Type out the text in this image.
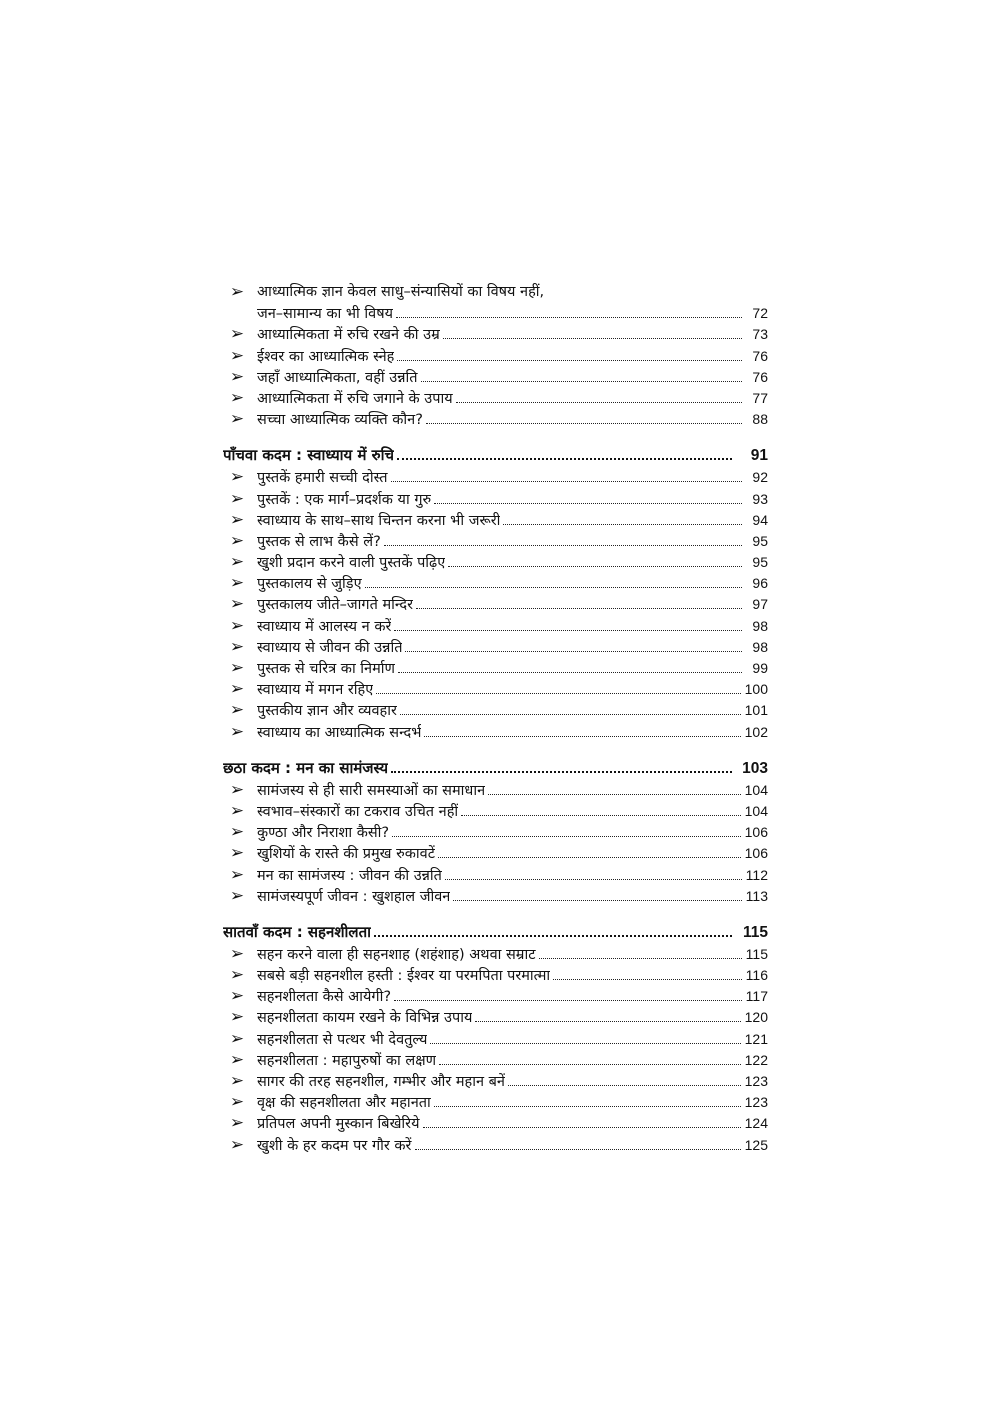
➢ आध्यात्मिक ज्ञान केवल साधु–संन्यासियों का विषय नहीं,
जन–सामान्य का भी विषय	72
➢ आध्यात्मिकता में रुचि रखने की उम्र	73
➢ ईश्वर का आध्यात्मिक स्नेह	76
➢ जहाँ आध्यात्मिकता, वहीं उन्नति	76
➢ आध्यात्मिकता में रुचि जगाने के उपाय	77
➢ सच्चा आध्यात्मिक व्यक्ति कौन?	88
पाँचवा कदम : स्वाध्याय में रुचि	91
➢ पुस्तकें हमारी सच्ची दोस्त	92
➢ पुस्तकें : एक मार्ग–प्रदर्शक या गुरु	93
➢ स्वाध्याय के साथ–साथ चिन्तन करना भी जरूरी	94
➢ पुस्तक से लाभ कैसे लें?	95
➢ खुशी प्रदान करने वाली पुस्तकें पढ़िए	95
➢ पुस्तकालय से जुड़िए	96
➢ पुस्तकालय जीते–जागते मन्दिर	97
➢ स्वाध्याय में आलस्य न करें	98
➢ स्वाध्याय से जीवन की उन्नति	98
➢ पुस्तक से चरित्र का निर्माण	99
➢ स्वाध्याय में मगन रहिए	100
➢ पुस्तकीय ज्ञान और व्यवहार	101
➢ स्वाध्याय का आध्यात्मिक सन्दर्भ	102
छठा कदम : मन का सामंजस्य	103
➢ सामंजस्य से ही सारी समस्याओं का समाधान	104
➢ स्वभाव–संस्कारों का टकराव उचित नहीं	104
➢ कुण्ठा और निराशा कैसी?	106
➢ खुशियों के रास्ते की प्रमुख रुकावटें	106
➢ मन का सामंजस्य : जीवन की उन्नति	112
➢ सामंजस्यपूर्ण जीवन : खुशहाल जीवन	113
सातवाँ कदम : सहनशीलता	115
➢ सहन करने वाला ही सहनशाह (शहंशाह) अथवा सम्राट	115
➢ सबसे बड़ी सहनशील हस्ती : ईश्वर या परमपिता परमात्मा	116
➢ सहनशीलता कैसे आयेगी?	117
➢ सहनशीलता कायम रखने के विभिन्न उपाय	120
➢ सहनशीलता से पत्थर भी देवतुल्य	121
➢ सहनशीलता : महापुरुषों का लक्षण	122
➢ सागर की तरह सहनशील, गम्भीर और महान बनें	123
➢ वृक्ष की सहनशीलता और महानता	123
➢ प्रतिपल अपनी मुस्कान बिखेरिये	124
➢ खुशी के हर कदम पर गौर करें	125
